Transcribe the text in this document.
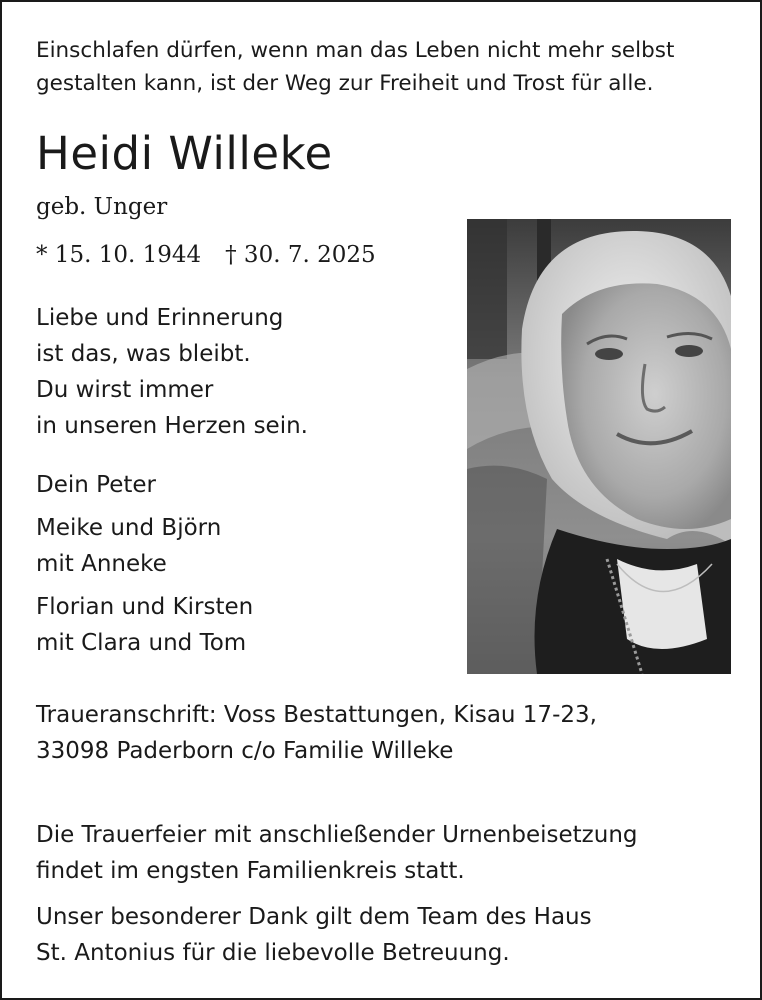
Einschlafen dürfen, wenn man das Leben nicht mehr selbst
gestalten kann, ist der Weg zur Freiheit und Trost für alle.
Heidi Willeke
geb. Unger
* 15. 10. 1944 † 30. 7. 2025
Liebe und Erinnerung
ist das, was bleibt.
Du wirst immer
in unseren Herzen sein.
Dein Peter
Meike und Björn
mit Anneke
Florian und Kirsten
mit Clara und Tom
Traueranschrift: Voss Bestattungen, Kisau 17-23,
33098 Paderborn c/o Familie Willeke
Die Trauerfeier mit anschließender Urnenbeisetzung
findet im engsten Familienkreis statt.
Unser besonderer Dank gilt dem Team des Haus
St. Antonius für die liebevolle Betreuung.
